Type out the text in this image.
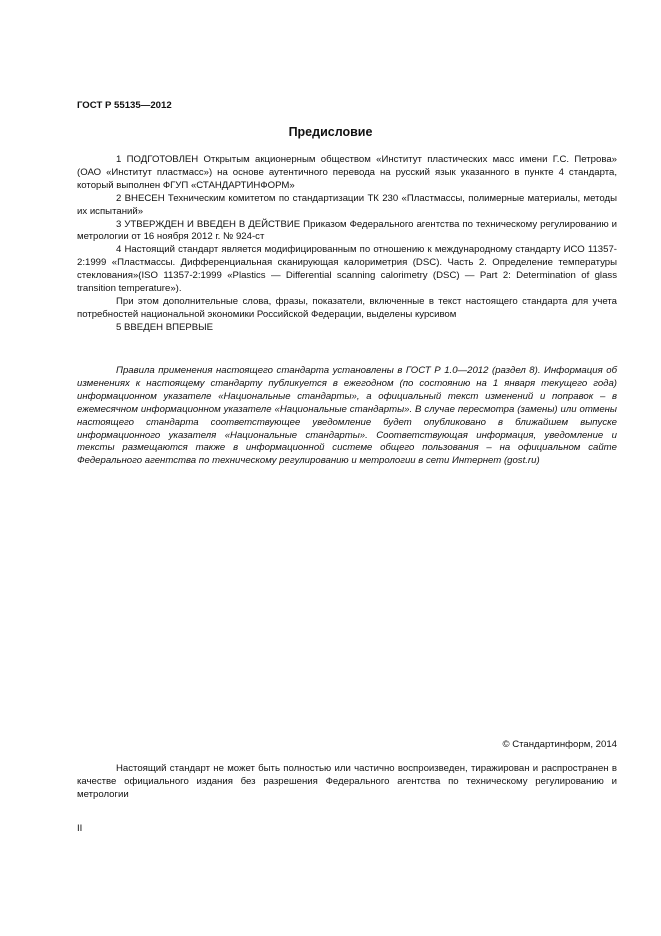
ГОСТ Р 55135—2012
Предисловие

1 ПОДГОТОВЛЕН Открытым акционерным обществом «Институт пластических масс имени Г.С. Петрова» (ОАО «Институт пластмасс») на основе аутентичного перевода на русский язык указанного в пункте 4 стандарта, который выполнен ФГУП «СТАНДАРТИНФОРМ»

2 ВНЕСЕН Техническим комитетом по стандартизации ТК 230 «Пластмассы, полимерные материалы, методы их испытаний»

3 УТВЕРЖДЕН И ВВЕДЕН В ДЕЙСТВИЕ Приказом Федерального агентства по техническому регулированию и метрологии от 16 ноября 2012 г. № 924-ст

4 Настоящий стандарт является модифицированным по отношению к международному стандарту ИСО 11357-2:1999 «Пластмассы. Дифференциальная сканирующая калориметрия (DSC). Часть 2. Определение температуры стеклования»(ISO 11357-2:1999 «Plastics — Differential scanning calorimetry (DSC) — Part 2: Determination of glass transition temperature»).

При этом дополнительные слова, фразы, показатели, включенные в текст настоящего стандарта для учета потребностей национальной экономики Российской Федерации, выделены курсивом

5 ВВЕДЕН ВПЕРВЫЕ

Правила применения настоящего стандарта установлены в ГОСТ Р 1.0—2012 (раздел 8). Информация об изменениях к настоящему стандарту публикуется в ежегодном (по состоянию на 1 января текущего года) информационном указателе «Национальные стандарты», а официальный текст изменений и поправок – в ежемесячном информационном указателе «Национальные стандарты». В случае пересмотра (замены) или отмены настоящего стандарта соответствующее уведомление будет опубликовано в ближайшем выпуске информационного указателя «Национальные стандарты». Соответствующая информация, уведомление и тексты размещаются также в информационной системе общего пользования – на официальном сайте Федерального агентства по техническому регулированию и метрологии в сети Интернет (gost.ru)

© Стандартинформ, 2014

Настоящий стандарт не может быть полностью или частично воспроизведен, тиражирован и распространен в качестве официального издания без разрешения Федерального агентства по техническому регулированию и метрологии

II
